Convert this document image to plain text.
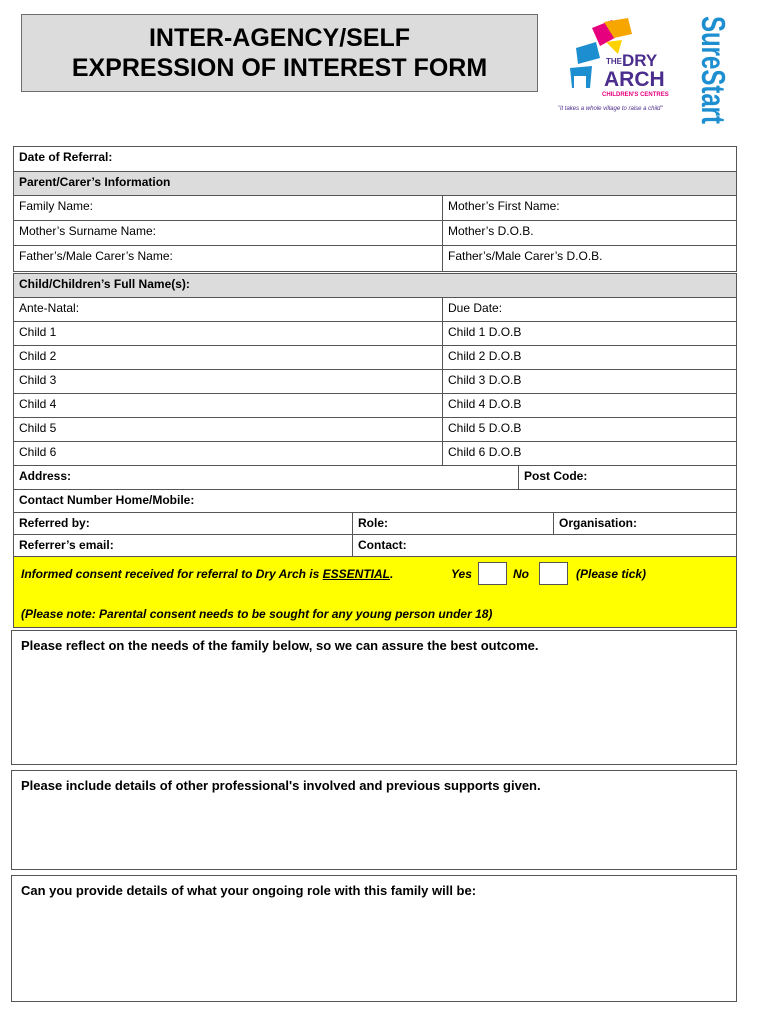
INTER-AGENCY/SELF
EXPRESSION OF INTEREST FORM	THE DRY
ARCH
CHILDREN'S CENTRES
"it takes a whole village to raise a child" SureStart
Date of Referral:
Parent/Carer’s Information
Family Name:	Mother’s First Name:
Mother’s Surname Name:	Mother’s D.O.B.
Father’s/Male Carer’s Name:	Father’s/Male Carer’s D.O.B.
Child/Children’s Full Name(s):
Ante-Natal:	Due Date:
Child 1	Child 1 D.O.B
Child 2	Child 2 D.O.B
Child 3	Child 3 D.O.B
Child 4	Child 4 D.O.B
Child 5	Child 5 D.O.B
Child 6	Child 6 D.O.B
Address:	Post Code:
Contact Number Home/Mobile:
Referred by:	Role:	Organisation:
Referrer’s email:	Contact:
Informed consent received for referral to Dry Arch is ESSENTIAL.	Yes	No	(Please tick)
(Please note: Parental consent needs to be sought for any young person under 18)
Please reflect on the needs of the family below, so we can assure the best outcome.
Please include details of other professional's involved and previous supports given.
Can you provide details of what your ongoing role with this family will be:
